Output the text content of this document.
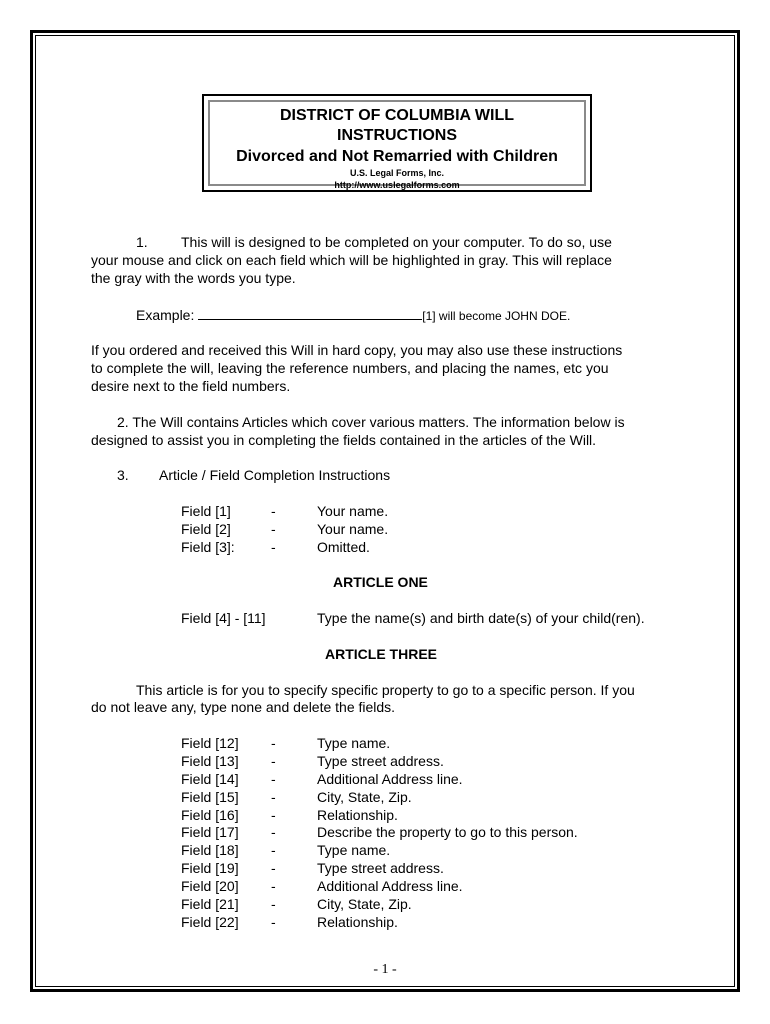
DISTRICT OF COLUMBIA WILL
INSTRUCTIONS
Divorced and Not Remarried with Children
U.S. Legal Forms, Inc.
http://www.uslegalforms.com
1. This will is designed to be completed on your computer. To do so, use
your mouse and click on each field which will be highlighted in gray. This will replace
the gray with the words you type.
Example:	[1] will become JOHN DOE.
If you ordered and received this Will in hard copy, you may also use these instructions
to complete the will, leaving the reference numbers, and placing the names, etc you
desire next to the field numbers.
2. The Will contains Articles which cover various matters. The information below is
designed to assist you in completing the fields contained in the articles of the Will.
3. Article / Field Completion Instructions
Field [1]	-	Your name.
Field [2]	-	Your name.
Field [3]:	-	Omitted.
ARTICLE ONE
Field [4] - [11]	Type the name(s) and birth date(s) of your child(ren).
ARTICLE THREE
This article is for you to specify specific property to go to a specific person. If you
do not leave any, type none and delete the fields.
Field [12] -	Type name.
Field [13] -	Type street address.
Field [14] -	Additional Address line.
Field [15] -	City, State, Zip.
Field [16] -	Relationship.
Field [17] -	Describe the property to go to this person.
Field [18] -	Type name.
Field [19] -	Type street address.
Field [20] -	Additional Address line.
Field [21] -	City, State, Zip.
Field [22] -	Relationship.
- 1 -
